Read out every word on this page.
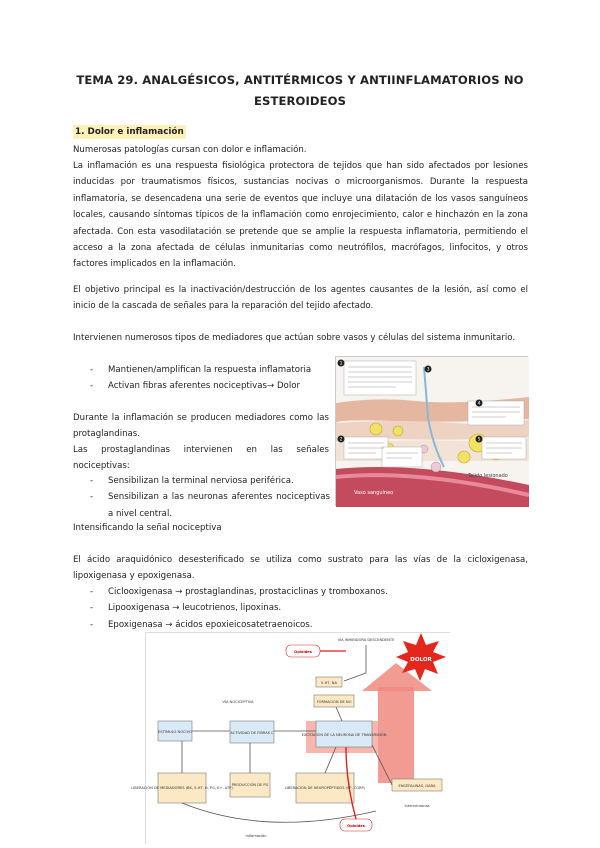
TEMA 29. ANALGÉSICOS, ANTITÉRMICOS Y ANTIINFLAMATORIOS NO
ESTEROIDEOS
1. Dolor e inflamación

Numerosas patologías cursan con dolor e inflamación.

La inflamación es una respuesta fisiológica protectora de tejidos que han sido afectados por lesiones inducidas por traumatismos físicos, sustancias nocivas o microorganismos. Durante la respuesta inflamatoria, se desencadena una serie de eventos que incluye una dilatación de los vasos sanguíneos locales, causando síntomas típicos de la inflamación como enrojecimiento, calor e hinchazón en la zona afectada. Con esta vasodilatación se pretende que se amplie la respuesta inflamatoria, permitiendo el acceso a la zona afectada de células inmunitarias como neutrófilos, macrófagos, linfocitos, y otros factores implicados en la inflamación.

El objetivo principal es la inactivación/destrucción de los agentes causantes de la lesión, así como el inicio de la cascada de señales para la reparación del tejido afectado.

Intervienen numerosos tipos de mediadores que actúan sobre vasos y células del sistema inmunitario.

- Mantienen/amplifican la respuesta inflamatoria
- Activan fibras aferentes nociceptivas→ Dolor

Durante la inflamación se producen mediadores como las protaglandinas.

Las prostaglandinas intervienen en las señales nociceptivas:

- Sensibilizan la terminal nerviosa periférica.
- Sensibilizan a las neuronas aferentes nociceptivas a nivel central.

Intensificando la señal nociceptiva

El ácido araquidónico desesterificado se utiliza como sustrato para las vías de la cicloxigenasa, lipoxigenasa y epoxigenasa.

- Ciclooxigenasa → prostaglandinas, prostaciclinas y tromboxanos.
- Lipooxigenasa → leucotrienos, lipoxinas.
- Epoxigenasa → ácidos epoxieicosatetraenoicos.
1
2
4
5
3
Vaso sanguíneo
Tejido lesionado
DOLOR
Opioides
VÍA INHIBIDORA DESCENDENTE
5-HT, NA
FORMACIÓN DE NO
VÍA NOCICEPTIVA
ESTÍMULO NOCIVO	ACTIVIDAD DE FIBRAS C	EXCITACIÓN DE LA NEURONA DE TRANSMISIÓN
LIBERACIÓN DE MEDIADORES (BK, 5-HT, H, PG, K+, ATP)
PRODUCCIÓN DE PG
LIBERACIÓN DE NEUROPÉPTIDOS (SP, CGRP)	ENCEFALINAS, GABA
Interneuronas
Inflamación
Opioides
